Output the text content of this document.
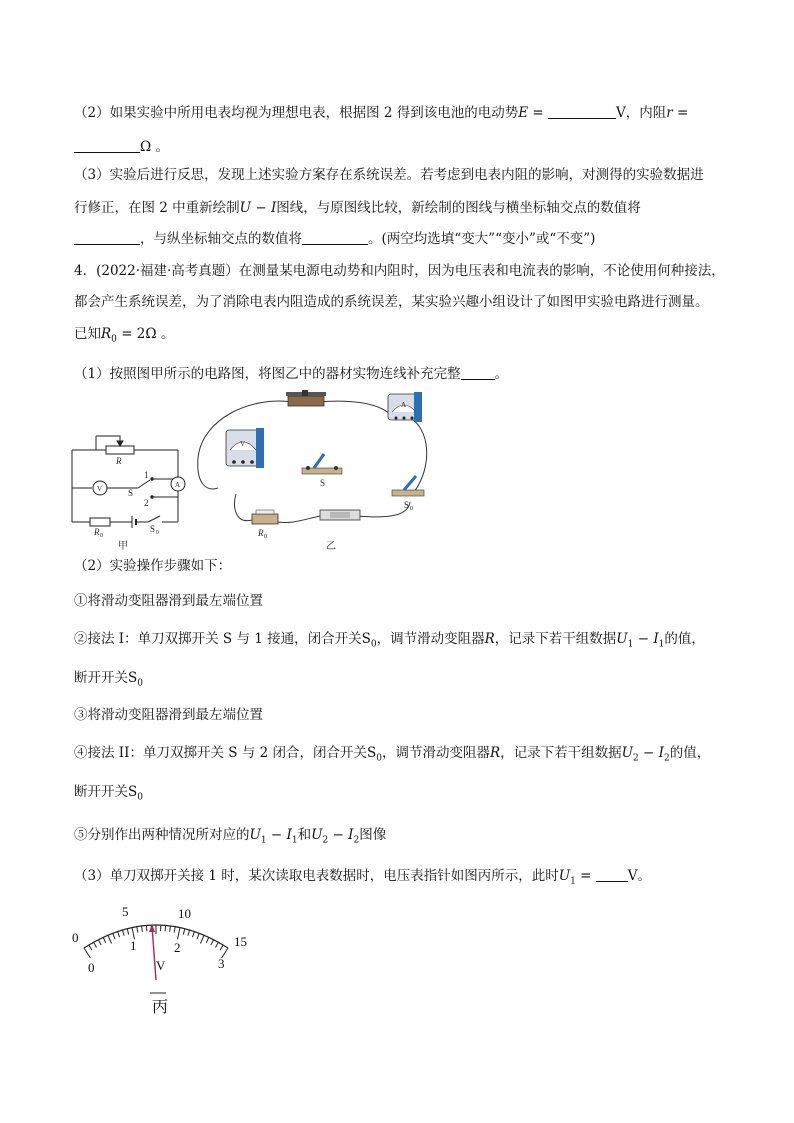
（2）如果实验中所用电表均视为理想电表，根据图 2 得到该电池的电动势E =	V，内阻r =
Ω 。
（3）实验后进行反思，发现上述实验方案存在系统误差。若考虑到电表内阻的影响，对测得的实验数据进
行修正，在图 2 中重新绘制U − I图线，与原图线比较，新绘制的图线与横坐标轴交点的数值将
，与纵坐标轴交点的数值将	。(两空均选填“变大”“变小”或“不变”)
4．(2022·福建·高考真题）在测量某电源电动势和内阻时，因为电压表和电流表的影响，不论使用何种接法，
都会产生系统误差，为了消除电表内阻造成的系统误差，某实验兴趣小组设计了如图甲实验电路进行测量。
已知$R_0 = 2\Omega$ 。
（1）按照图甲所示的电路图，将图乙中的器材实物连线补充完整	。
R
1
S
2
V	A
R 0
S 0
甲
S
S 0
R 0
V
A
乙
（2）实验操作步骤如下：
①将滑动变阻器滑到最左端位置
②接法 I：单刀双掷开关 S 与 1 接通，闭合开关$S_0$，调节滑动变阻器R，记录下若干组数据$U_1 - I_1$的值，
断开开关$S_0$
③将滑动变阻器滑到最左端位置
④接法 II：单刀双掷开关 S 与 2 闭合，闭合开关$S_0$，调节滑动变阻器R，记录下若干组数据$U_2 - I_2$的值，
断开开关$S_0$
⑤分别作出两种情况所对应的$U_1 - I_1$和$U_2 - I_2$图像
（3）单刀双掷开关接 1 时，某次读取电表数据时，电压表指针如图丙所示，此时$U_1 = V$。
0
5	10
15
0
1	2
3
V
丙
